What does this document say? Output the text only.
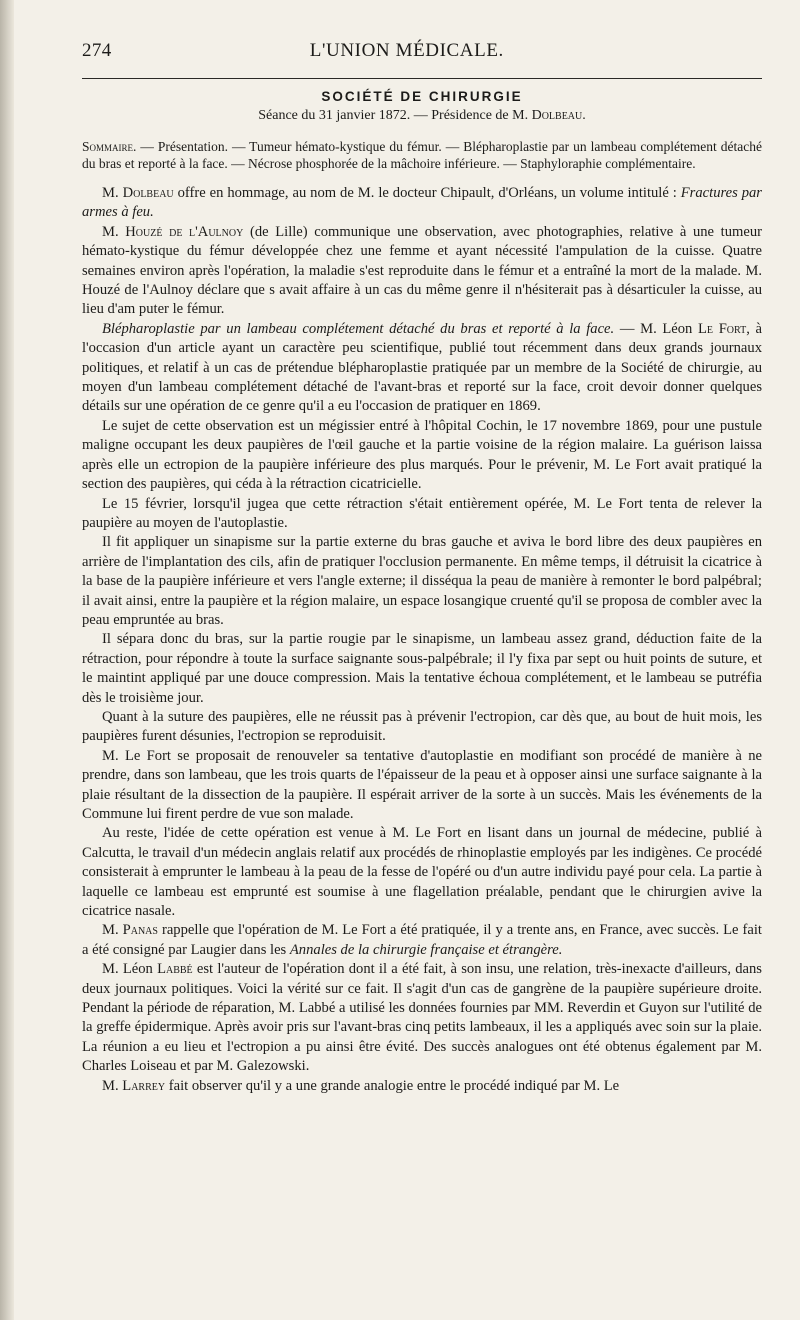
274	L'UNION MÉDICALE.
SOCIÉTÉ DE CHIRURGIE
Séance du 31 janvier 1872. — Présidence de M. Dolbeau.

Sommaire. — Présentation. — Tumeur hémato-kystique du fémur. — Blépharoplastie par un lambeau complétement détaché du bras et reporté à la face. — Nécrose phosphorée de la mâchoire inférieure. — Staphyloraphie complémentaire.

M. Dolbeau offre en hommage, au nom de M. le docteur Chipault, d'Orléans, un volume intitulé : Fractures par armes à feu.

M. Houzé de l'Aulnoy (de Lille) communique une observation, avec photographies, relative à une tumeur hémato-kystique du fémur développée chez une femme et ayant nécessité l'ampulation de la cuisse. Quatre semaines environ après l'opération, la maladie s'est reproduite dans le fémur et a entraîné la mort de la malade. M. Houzé de l'Aulnoy déclare que s avait affaire à un cas du même genre il n'hésiterait pas à désarticuler la cuisse, au lieu d'am puter le fémur.

Blépharoplastie par un lambeau complétement détaché du bras et reporté à la face. — M. Léon Le Fort, à l'occasion d'un article ayant un caractère peu scientifique, publié tout récemment dans deux grands journaux politiques, et relatif à un cas de prétendue blépharoplastie pratiquée par un membre de la Société de chirurgie, au moyen d'un lambeau complétement détaché de l'avant-bras et reporté sur la face, croit devoir donner quelques détails sur une opération de ce genre qu'il a eu l'occasion de pratiquer en 1869.

Le sujet de cette observation est un mégissier entré à l'hôpital Cochin, le 17 novembre 1869, pour une pustule maligne occupant les deux paupières de l'œil gauche et la partie voisine de la région malaire. La guérison laissa après elle un ectropion de la paupière inférieure des plus marqués. Pour le prévenir, M. Le Fort avait pratiqué la section des paupières, qui céda à la rétraction cicatricielle.

Le 15 février, lorsqu'il jugea que cette rétraction s'était entièrement opérée, M. Le Fort tenta de relever la paupière au moyen de l'autoplastie.

Il fit appliquer un sinapisme sur la partie externe du bras gauche et aviva le bord libre des deux paupières en arrière de l'implantation des cils, afin de pratiquer l'occlusion permanente. En même temps, il détruisit la cicatrice à la base de la paupière inférieure et vers l'angle externe; il disséqua la peau de manière à remonter le bord palpébral; il avait ainsi, entre la paupière et la région malaire, un espace losangique cruenté qu'il se proposa de combler avec la peau empruntée au bras.

Il sépara donc du bras, sur la partie rougie par le sinapisme, un lambeau assez grand, déduction faite de la rétraction, pour répondre à toute la surface saignante sous-palpébrale; il l'y fixa par sept ou huit points de suture, et le maintint appliqué par une douce compression. Mais la tentative échoua complétement, et le lambeau se putréfia dès le troisième jour.

Quant à la suture des paupières, elle ne réussit pas à prévenir l'ectropion, car dès que, au bout de huit mois, les paupières furent désunies, l'ectropion se reproduisit.

M. Le Fort se proposait de renouveler sa tentative d'autoplastie en modifiant son procédé de manière à ne prendre, dans son lambeau, que les trois quarts de l'épaisseur de la peau et à opposer ainsi une surface saignante à la plaie résultant de la dissection de la paupière. Il espérait arriver de la sorte à un succès. Mais les événements de la Commune lui firent perdre de vue son malade.

Au reste, l'idée de cette opération est venue à M. Le Fort en lisant dans un journal de médecine, publié à Calcutta, le travail d'un médecin anglais relatif aux procédés de rhinoplastie employés par les indigènes. Ce procédé consisterait à emprunter le lambeau à la peau de la fesse de l'opéré ou d'un autre individu payé pour cela. La partie à laquelle ce lambeau est emprunté est soumise à une flagellation préalable, pendant que le chirurgien avive la cicatrice nasale.

M. Panas rappelle que l'opération de M. Le Fort a été pratiquée, il y a trente ans, en France, avec succès. Le fait a été consigné par Laugier dans les Annales de la chirurgie française et étrangère.

M. Léon Labbé est l'auteur de l'opération dont il a été fait, à son insu, une relation, très-inexacte d'ailleurs, dans deux journaux politiques. Voici la vérité sur ce fait. Il s'agit d'un cas de gangrène de la paupière supérieure droite. Pendant la période de réparation, M. Labbé a utilisé les données fournies par MM. Reverdin et Guyon sur l'utilité de la greffe épidermique. Après avoir pris sur l'avant-bras cinq petits lambeaux, il les a appliqués avec soin sur la plaie. La réunion a eu lieu et l'ectropion a pu ainsi être évité. Des succès analogues ont été obtenus également par M. Charles Loiseau et par M. Galezowski.

M. Larrey fait observer qu'il y a une grande analogie entre le procédé indiqué par M. Le
